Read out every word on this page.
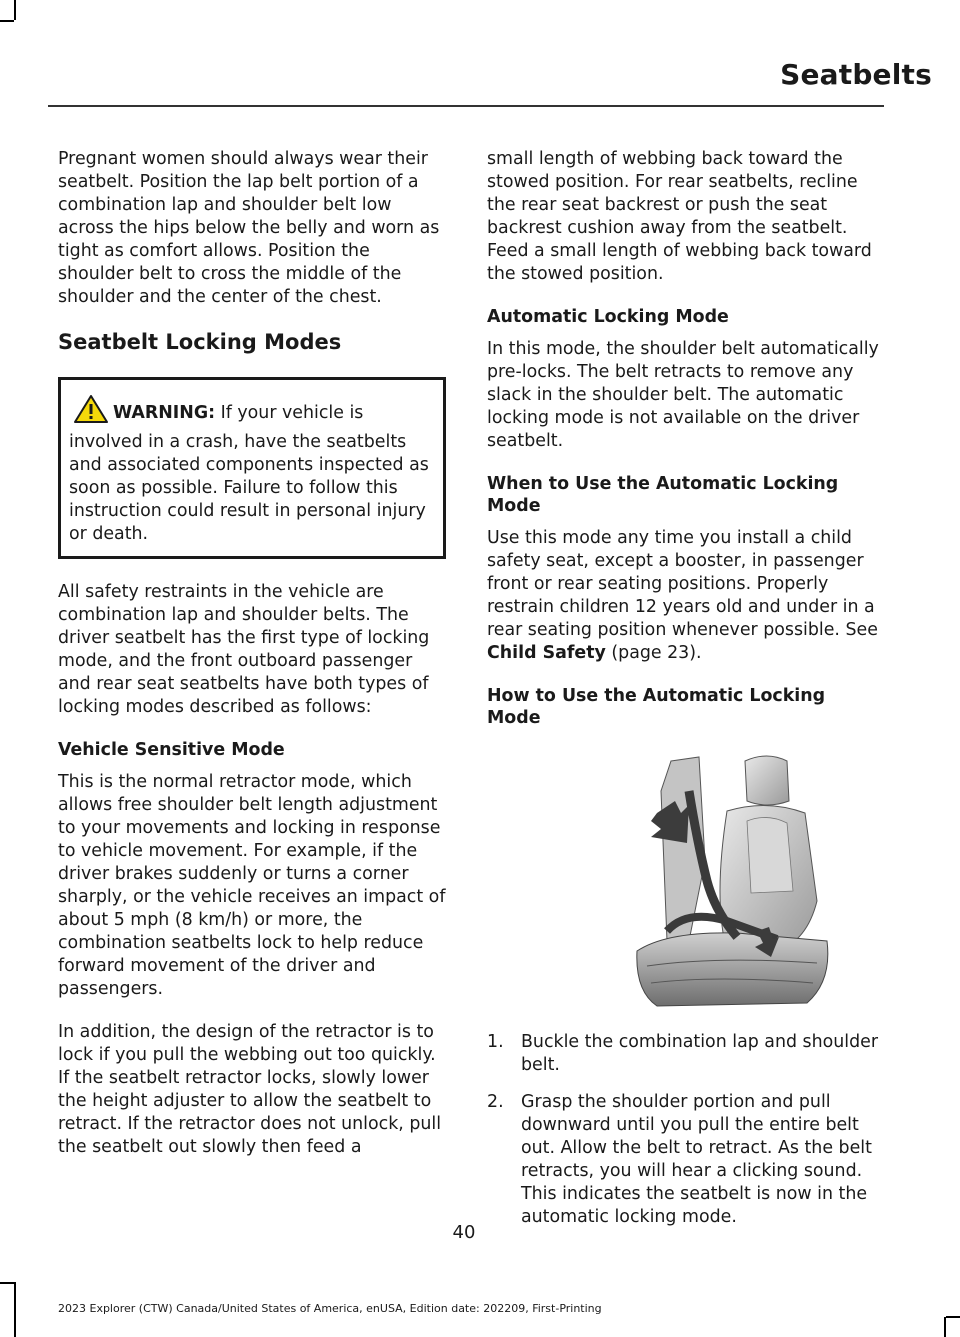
Seatbelts

Pregnant women should always wear their seatbelt. Position the lap belt portion of a combination lap and shoulder belt low across the hips below the belly and worn as tight as comfort allows. Position the shoulder belt to cross the middle of the shoulder and the center of the chest.

Seatbelt Locking Modes
WARNING: If your vehicle is involved in a crash, have the seatbelts and associated components inspected as soon as possible. Failure to follow this instruction could result in personal injury or death.

All safety restraints in the vehicle are combination lap and shoulder belts. The driver seatbelt has the first type of locking mode, and the front outboard passenger and rear seat seatbelts have both types of locking modes described as follows:

Vehicle Sensitive Mode

This is the normal retractor mode, which allows free shoulder belt length adjustment to your movements and locking in response to vehicle movement. For example, if the driver brakes suddenly or turns a corner sharply, or the vehicle receives an impact of about 5 mph (8 km/h) or more, the combination seatbelts lock to help reduce forward movement of the driver and passengers.

In addition, the design of the retractor is to lock if you pull the webbing out too quickly. If the seatbelt retractor locks, slowly lower the height adjuster to allow the seatbelt to retract. If the retractor does not unlock, pull the seatbelt out slowly then feed a

small length of webbing back toward the stowed position. For rear seatbelts, recline the rear seat backrest or push the seat backrest cushion away from the seatbelt. Feed a small length of webbing back toward the stowed position.

Automatic Locking Mode

In this mode, the shoulder belt automatically pre-locks. The belt retracts to remove any slack in the shoulder belt. The automatic locking mode is not available on the driver seatbelt.

When to Use the Automatic Locking Mode

Use this mode any time you install a child safety seat, except a booster, in passenger front or rear seating positions. Properly restrain children 12 years old and under in a rear seating position whenever possible. See Child Safety (page 23).

How to Use the Automatic Locking Mode
1. Buckle the combination lap and shoulder belt.
2. Grasp the shoulder portion and pull downward until you pull the entire belt out. Allow the belt to retract. As the belt retracts, you will hear a clicking sound. This indicates the seatbelt is now in the automatic locking mode.
40
2023 Explorer (CTW) Canada/United States of America, enUSA, Edition date: 202209, First-Printing
